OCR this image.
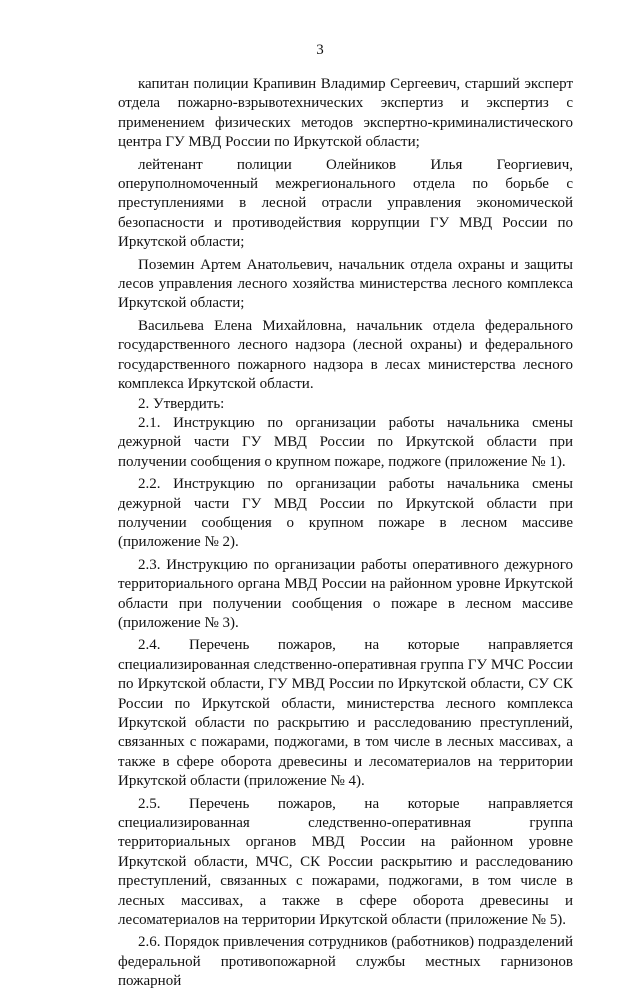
3

капитан полиции Крапивин Владимир Сергеевич, старший эксперт отдела пожарно-взрывотехнических экспертиз и экспертиз с применением физических методов экспертно-криминалистического центра ГУ МВД России по Иркутской области;

лейтенант полиции Олейников Илья Георгиевич, оперуполномоченный межрегионального отдела по борьбе с преступлениями в лесной отрасли управления экономической безопасности и противодействия коррупции ГУ МВД России по Иркутской области;

Поземин Артем Анатольевич, начальник отдела охраны и защиты лесов управления лесного хозяйства министерства лесного комплекса Иркутской области;

Васильева Елена Михайловна, начальник отдела федерального государственного лесного надзора (лесной охраны) и федерального государственного пожарного надзора в лесах министерства лесного комплекса Иркутской области.

2. Утвердить:

2.1. Инструкцию по организации работы начальника смены дежурной части ГУ МВД России по Иркутской области при получении сообщения о крупном пожаре, поджоге (приложение № 1).

2.2. Инструкцию по организации работы начальника смены дежурной части ГУ МВД России по Иркутской области при получении сообщения о крупном пожаре в лесном массиве (приложение № 2).

2.3. Инструкцию по организации работы оперативного дежурного территориального органа МВД России на районном уровне Иркутской области при получении сообщения о пожаре в лесном массиве (приложение № 3).

2.4. Перечень пожаров, на которые направляется специализированная следственно-оперативная группа ГУ МЧС России по Иркутской области, ГУ МВД России по Иркутской области, СУ СК России по Иркутской области, министерства лесного комплекса Иркутской области по раскрытию и расследованию преступлений, связанных с пожарами, поджогами, в том числе в лесных массивах, а также в сфере оборота древесины и лесоматериалов на территории Иркутской области (приложение № 4).

2.5. Перечень пожаров, на которые направляется специализированная следственно-оперативная группа территориальных органов МВД России на районном уровне Иркутской области, МЧС, СК России раскрытию и расследованию преступлений, связанных с пожарами, поджогами, в том числе в лесных массивах, а также в сфере оборота древесины и лесоматериалов на территории Иркутской области (приложение № 5).

2.6. Порядок привлечения сотрудников (работников) подразделений федеральной противопожарной службы местных гарнизонов пожарной
